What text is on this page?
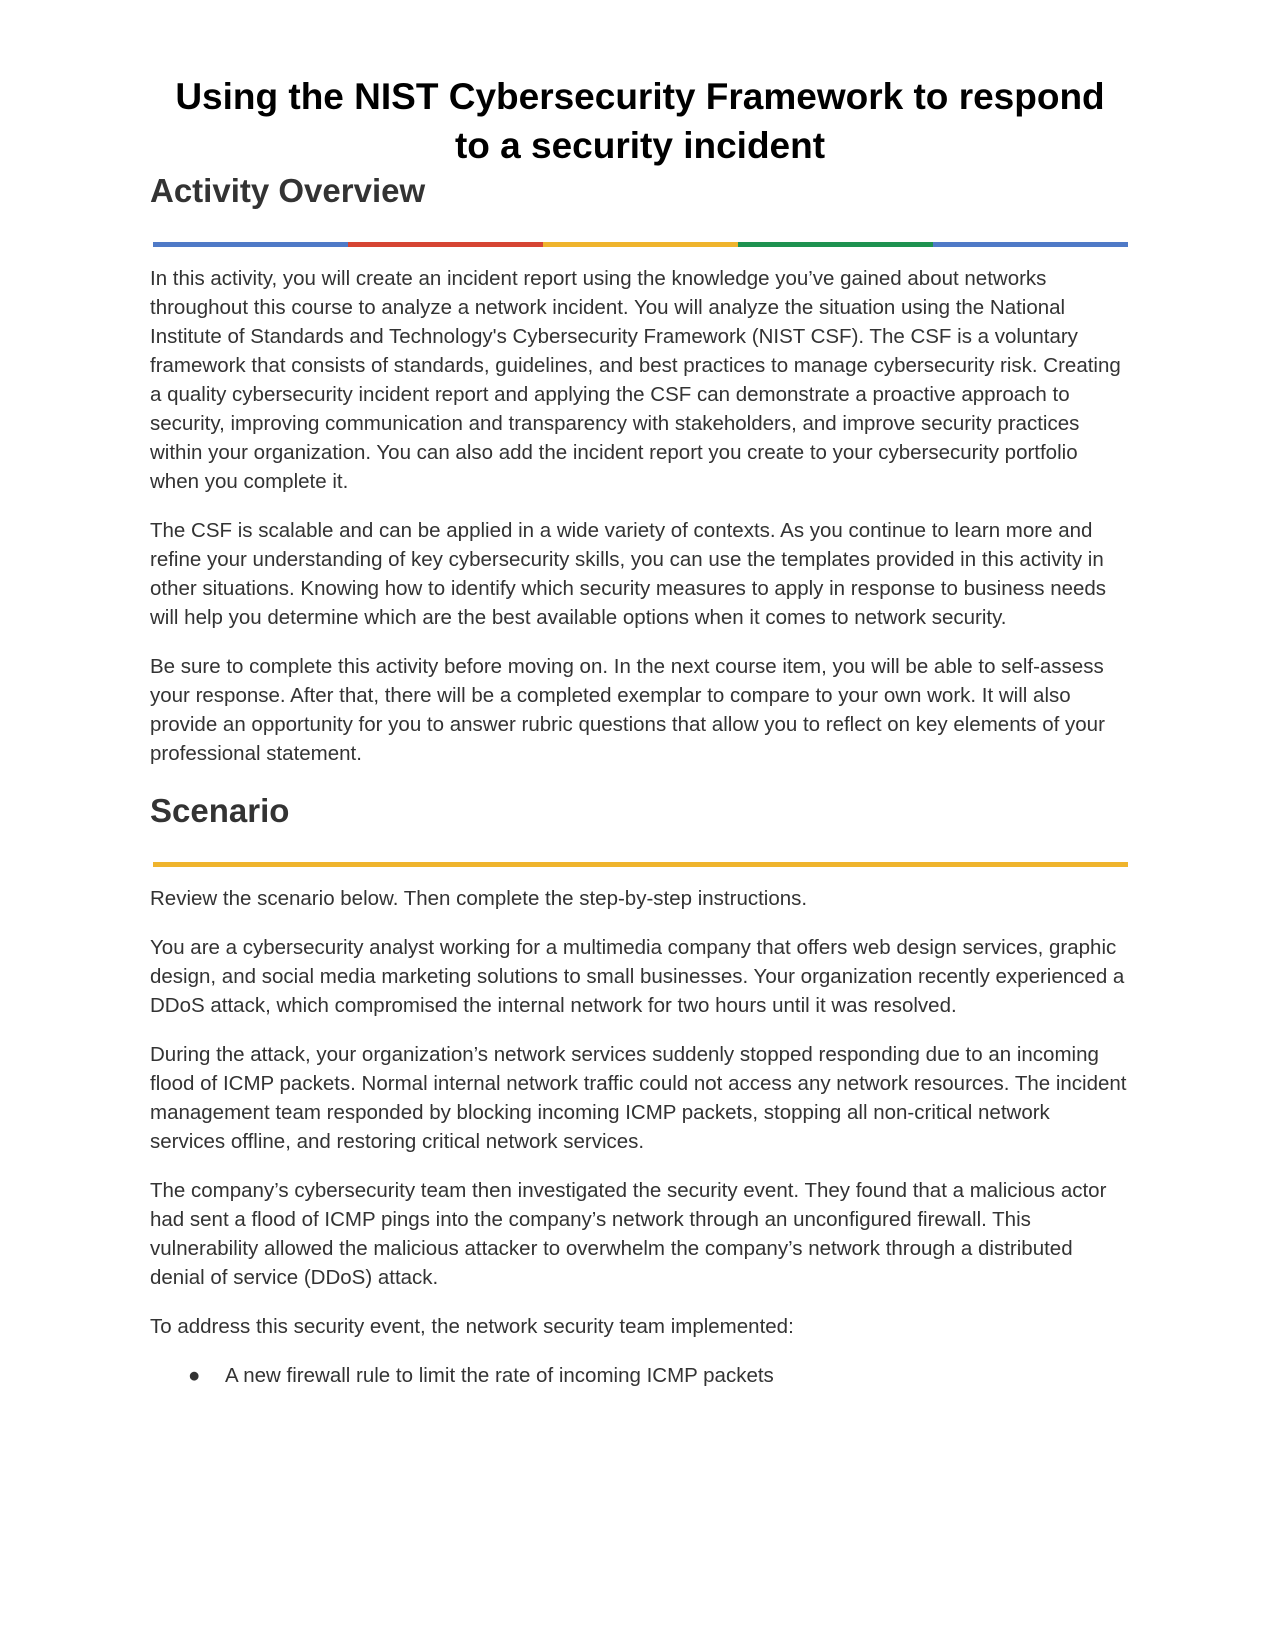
Using the NIST Cybersecurity Framework to respond to a security incident
Activity Overview

In this activity, you will create an incident report using the knowledge you’ve gained about networks throughout this course to analyze a network incident. You will analyze the situation using the National Institute of Standards and Technology's Cybersecurity Framework (NIST CSF). The CSF is a voluntary framework that consists of standards, guidelines, and best practices to manage cybersecurity risk. Creating a quality cybersecurity incident report and applying the CSF can demonstrate a proactive approach to security, improving communication and transparency with stakeholders, and improve security practices within your organization. You can also add the incident report you create to your cybersecurity portfolio when you complete it.

The CSF is scalable and can be applied in a wide variety of contexts. As you continue to learn more and refine your understanding of key cybersecurity skills, you can use the templates provided in this activity in other situations. Knowing how to identify which security measures to apply in response to business needs will help you determine which are the best available options when it comes to network security.

Be sure to complete this activity before moving on. In the next course item, you will be able to self-assess your response. After that, there will be a completed exemplar to compare to your own work. It will also provide an opportunity for you to answer rubric questions that allow you to reflect on key elements of your professional statement.

Scenario

Review the scenario below. Then complete the step-by-step instructions.

You are a cybersecurity analyst working for a multimedia company that offers web design services, graphic design, and social media marketing solutions to small businesses. Your organization recently experienced a DDoS attack, which compromised the internal network for two hours until it was resolved.

During the attack, your organization’s network services suddenly stopped responding due to an incoming flood of ICMP packets. Normal internal network traffic could not access any network resources. The incident management team responded by blocking incoming ICMP packets, stopping all non-critical network services offline, and restoring critical network services.

The company’s cybersecurity team then investigated the security event. They found that a malicious actor had sent a flood of ICMP pings into the company’s network through an unconfigured firewall. This vulnerability allowed the malicious attacker to overwhelm the company’s network through a distributed denial of service (DDoS) attack.

To address this security event, the network security team implemented:

● A new firewall rule to limit the rate of incoming ICMP packets
